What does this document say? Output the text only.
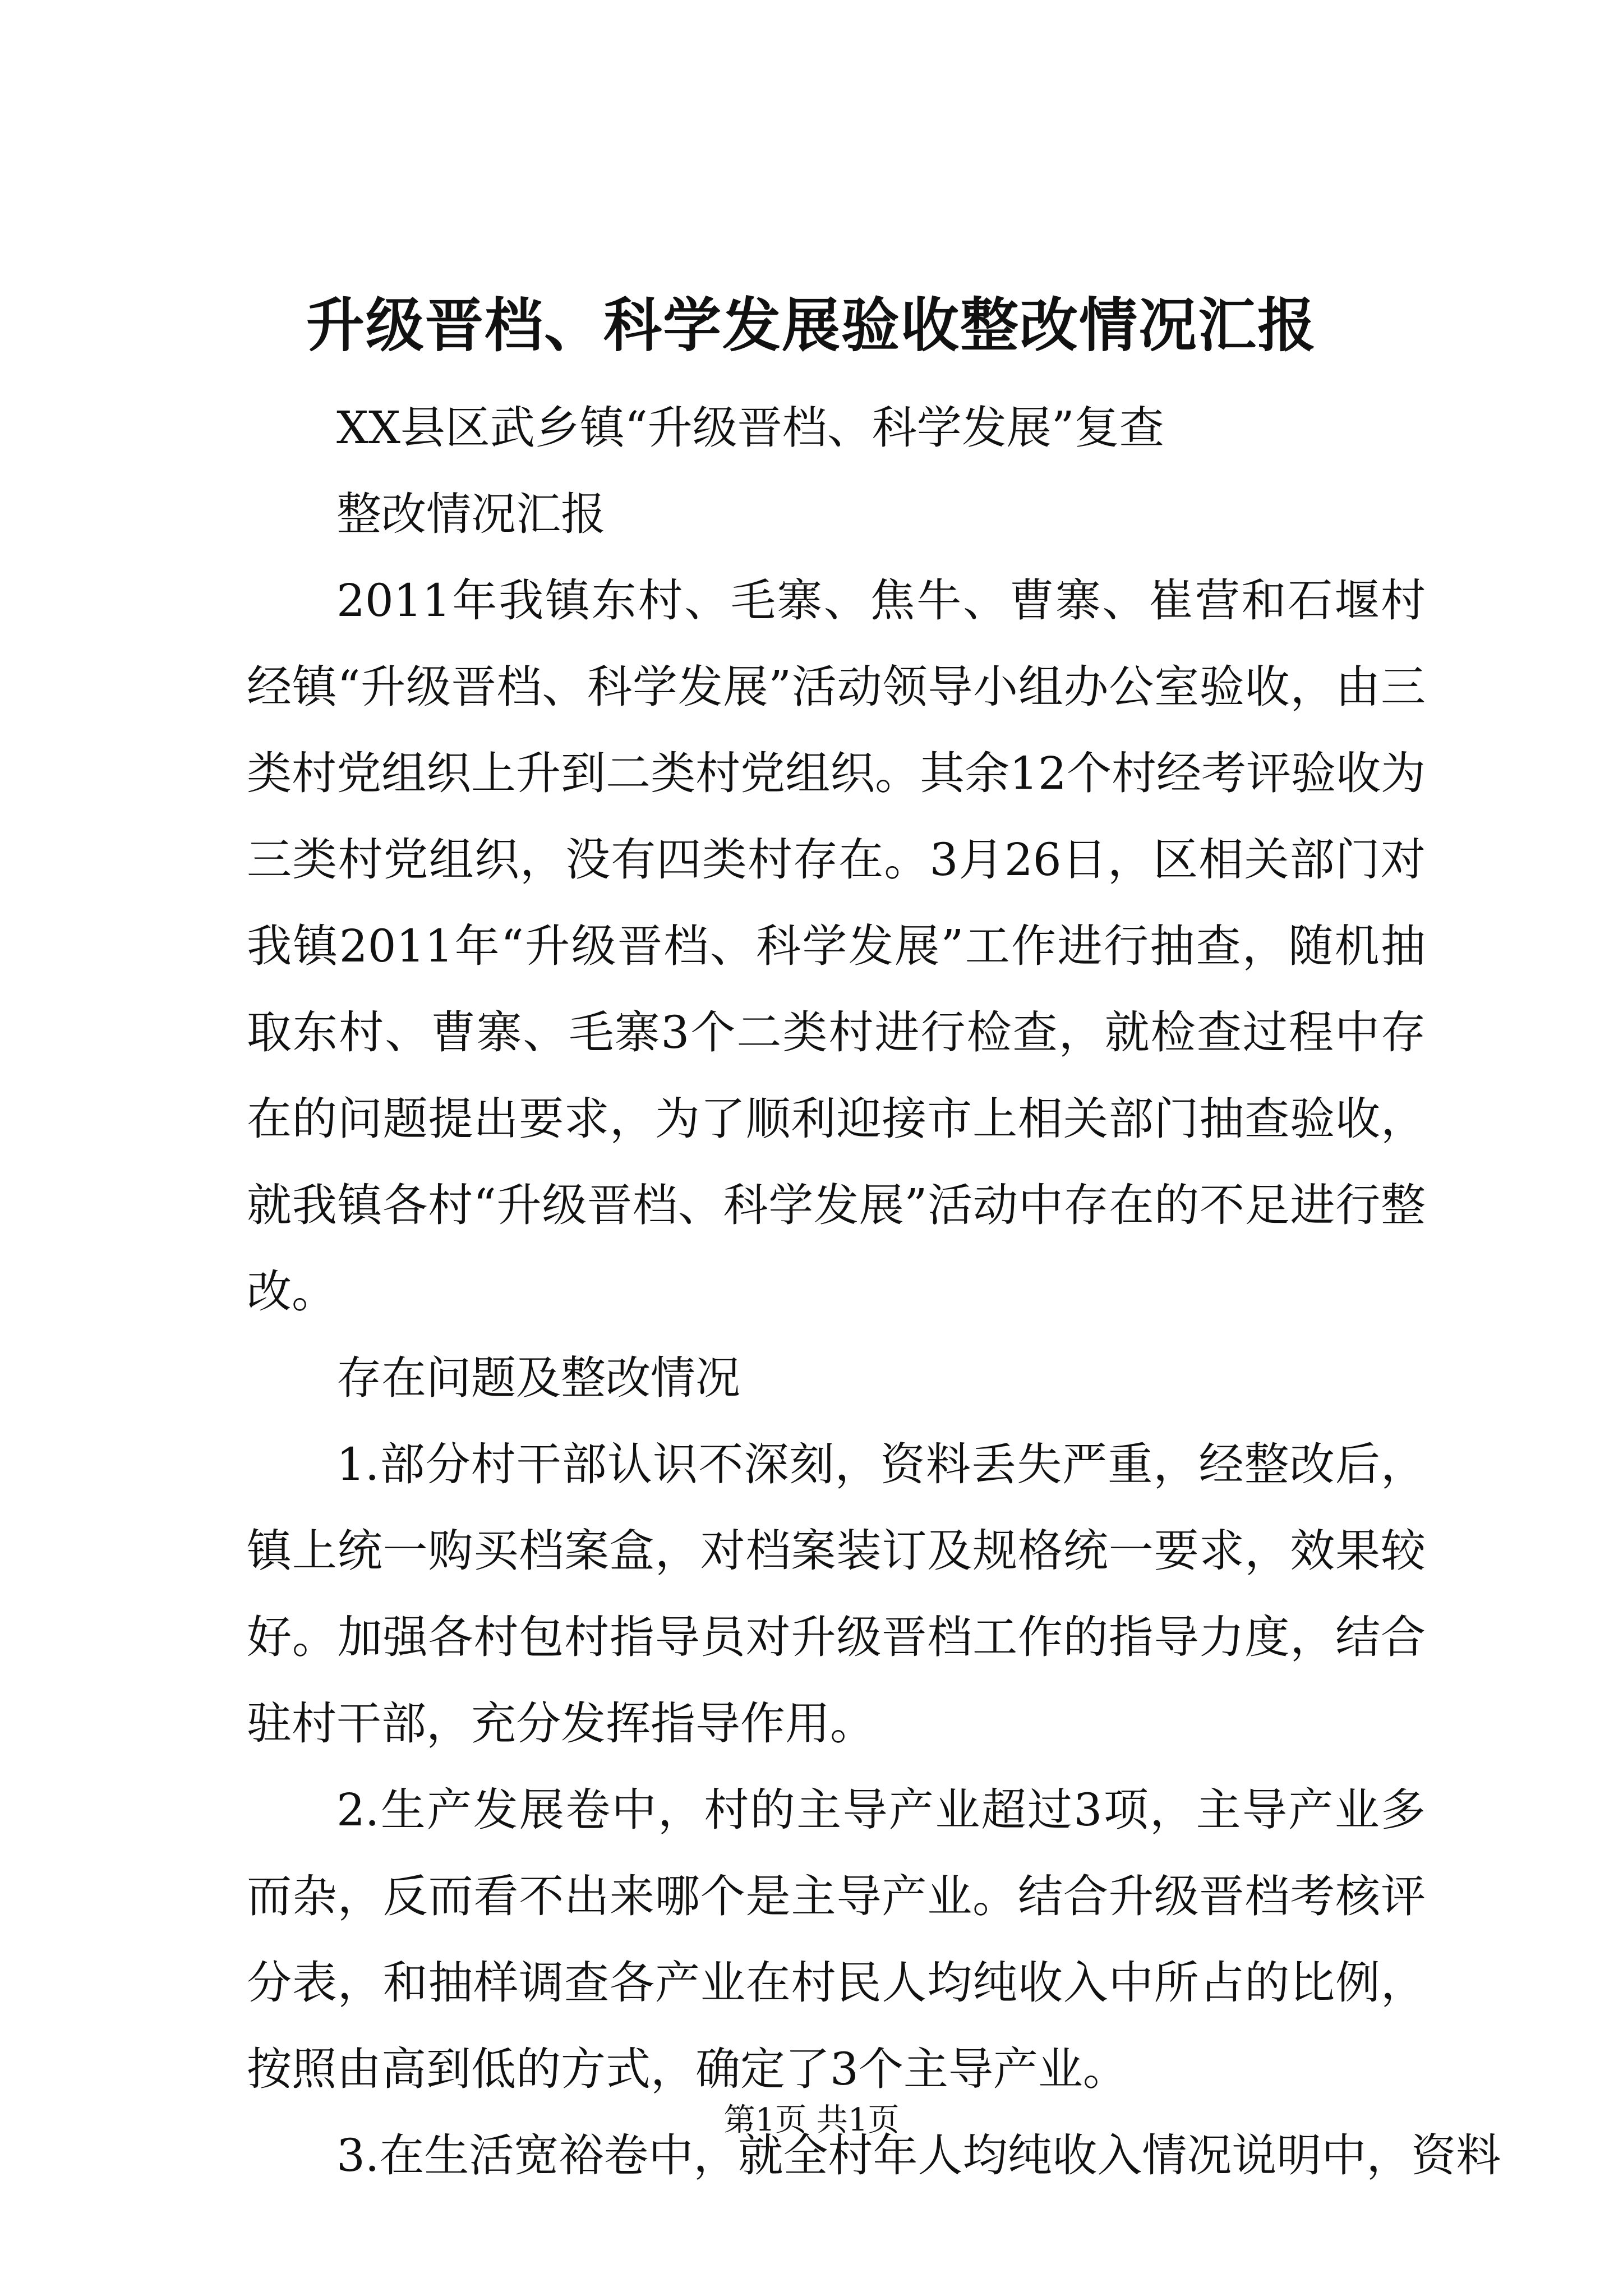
升级晋档、科学发展验收整改情况汇报

XX县区武乡镇“升级晋档、科学发展”复查

整改情况汇报

2011年我镇东村、毛寨、焦牛、曹寨、崔营和石堰村经镇“升级晋档、科学发展”活动领导小组办公室验收，由三类村党组织上升到二类村党组织。其余12个村经考评验收为三类村党组织，没有四类村存在。3月26日，区相关部门对我镇2011年“升级晋档、科学发展”工作进行抽查，随机抽取东村、曹寨、毛寨3个二类村进行检查，就检查过程中存在的问题提出要求，为了顺利迎接市上相关部门抽查验收，就我镇各村“升级晋档、科学发展”活动中存在的不足进行整改。

存在问题及整改情况

1.部分村干部认识不深刻，资料丢失严重，经整改后，镇上统一购买档案盒，对档案装订及规格统一要求，效果较好。加强各村包村指导员对升级晋档工作的指导力度，结合驻村干部，充分发挥指导作用。

2.生产发展卷中，村的主导产业超过3项，主导产业多而杂，反而看不出来哪个是主导产业。结合升级晋档考核评分表，和抽样调查各产业在村民人均纯收入中所占的比例，按照由高到低的方式，确定了3个主导产业。

3.在生活宽裕卷中，就全村年人均纯收入情况说明中，资料

第1页 共1页
